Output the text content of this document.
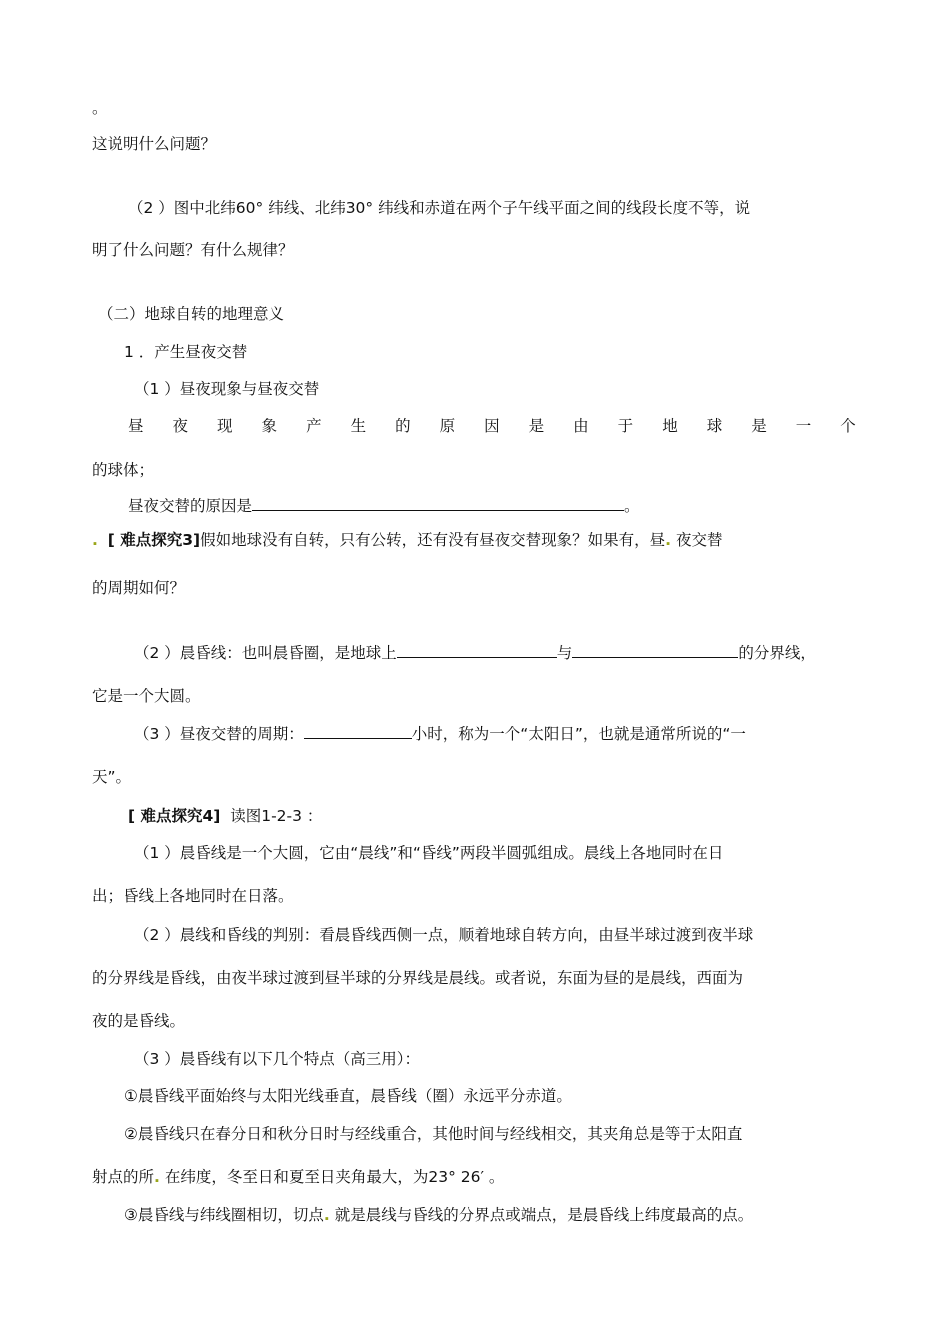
。
这说明什么问题？
（2 ）图中北纬60° 纬线、北纬30° 纬线和赤道在两个子午线平面之间的线段长度不等，说
明了什么问题？有什么规律？
（二）地球自转的地理意义
1 ．产生昼夜交替
（1 ）昼夜现象与昼夜交替
昼 夜 现 象 产 生 的 原 因 是 由 于 地 球 是 一 个
的球体；
昼夜交替的原因是	。
. [ 难点探究3]假如地球没有自转，只有公转，还有没有昼夜交替现象？如果有，昼. 夜交替
的周期如何？
（2 ）晨昏线：也叫晨昏圈，是地球上	与	的分界线，
它是一个大圆。
（3 ）昼夜交替的周期：	小时，称为一个“太阳日”，也就是通常所说的“一
天”。
[ 难点探究4] 读图1-2-3 ：
（1 ）晨昏线是一个大圆，它由“晨线”和“昏线”两段半圆弧组成。晨线上各地同时在日
出；昏线上各地同时在日落。
（2 ）晨线和昏线的判别：看晨昏线西侧一点，顺着地球自转方向，由昼半球过渡到夜半球
的分界线是昏线，由夜半球过渡到昼半球的分界线是晨线。或者说，东面为昼的是晨线，西面为
夜的是昏线。
（3 ）晨昏线有以下几个特点（高三用）：
①晨昏线平面始终与太阳光线垂直，晨昏线（圈）永远平分赤道。
②晨昏线只在春分日和秋分日时与经线重合，其他时间与经线相交，其夹角总是等于太阳直
射点的所. 在纬度，冬至日和夏至日夹角最大，为23° 26′ 。
③晨昏线与纬线圈相切，切点. 就是晨线与昏线的分界点或端点，是晨昏线上纬度最高的点。
